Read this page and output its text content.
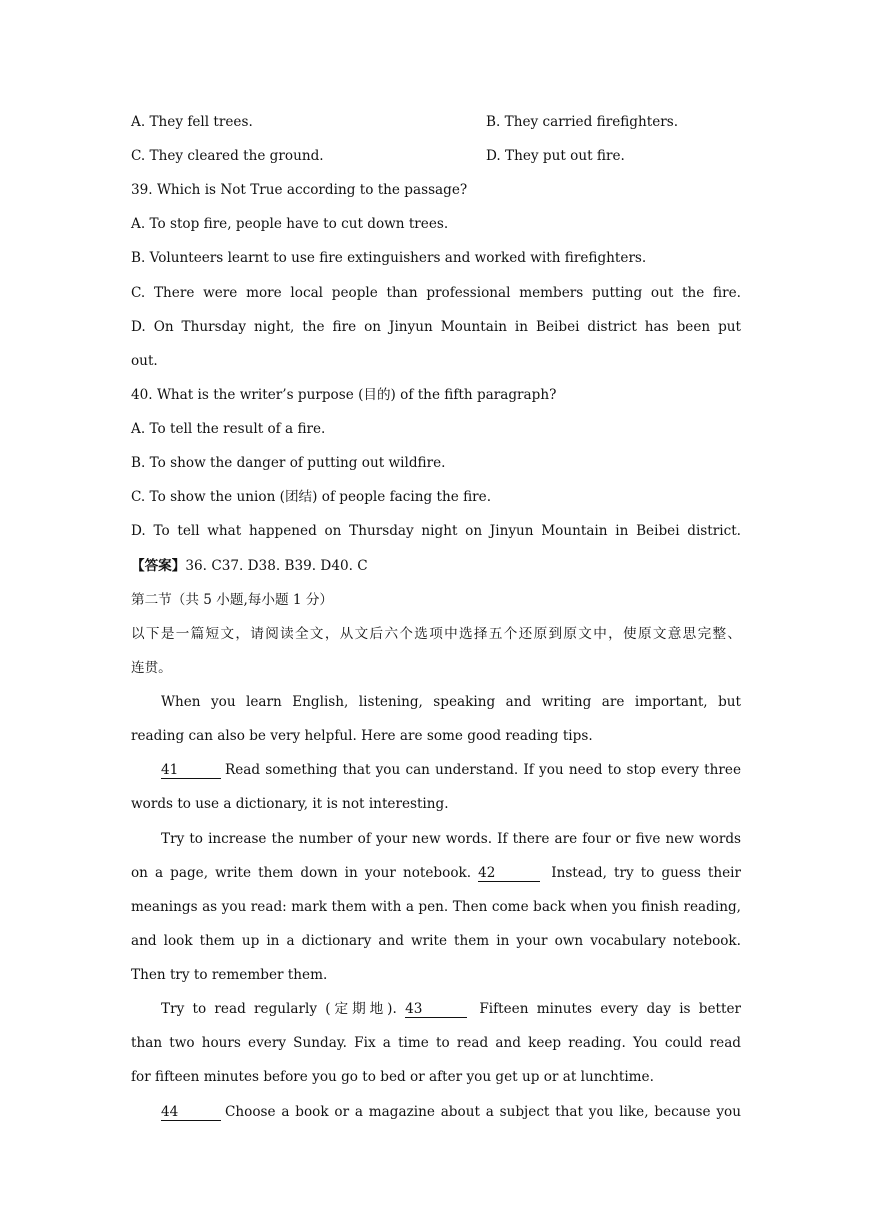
A. They fell trees.	B. They carried firefighters.
C. They cleared the ground.	D. They put out fire.
39. Which is Not True according to the passage?
A. To stop fire, people have to cut down trees.
B. Volunteers learnt to use fire extinguishers and worked with firefighters.
C. There were more local people than professional members putting out the fire.
D. On Thursday night, the fire on Jinyun Mountain in Beibei district has been put
out.
40. What is the writer’s purpose (目的) of the fifth paragraph?
A. To tell the result of a fire.
B. To show the danger of putting out wildfire.
C. To show the union (团结) of people facing the fire.
D. To tell what happened on Thursday night on Jinyun Mountain in Beibei district.
【答案】36. C37. D38. B39. D40. C
第二节（共 5 小题,每小题 1 分）
以下是一篇短文，请阅读全文，从文后六个选项中选择五个还原到原文中，使原文意思完整、
连贯。
When you learn English, listening, speaking and writing are important, but
reading can also be very helpful. Here are some good reading tips.
41	Read something that you can understand. If you need to stop every three
words to use a dictionary, it is not interesting.
Try to increase the number of your new words. If there are four or five new words
on a page, write them down in your notebook. 42	Instead, try to guess their
meanings as you read: mark them with a pen. Then come back when you finish reading,
and look them up in a dictionary and write them in your own vocabulary notebook.
Then try to remember them.
Try to read regularly (定期地). 43	Fifteen minutes every day is better
than two hours every Sunday. Fix a time to read and keep reading. You could read
for fifteen minutes before you go to bed or after you get up or at lunchtime.
44	Choose a book or a magazine about a subject that you like, because you
